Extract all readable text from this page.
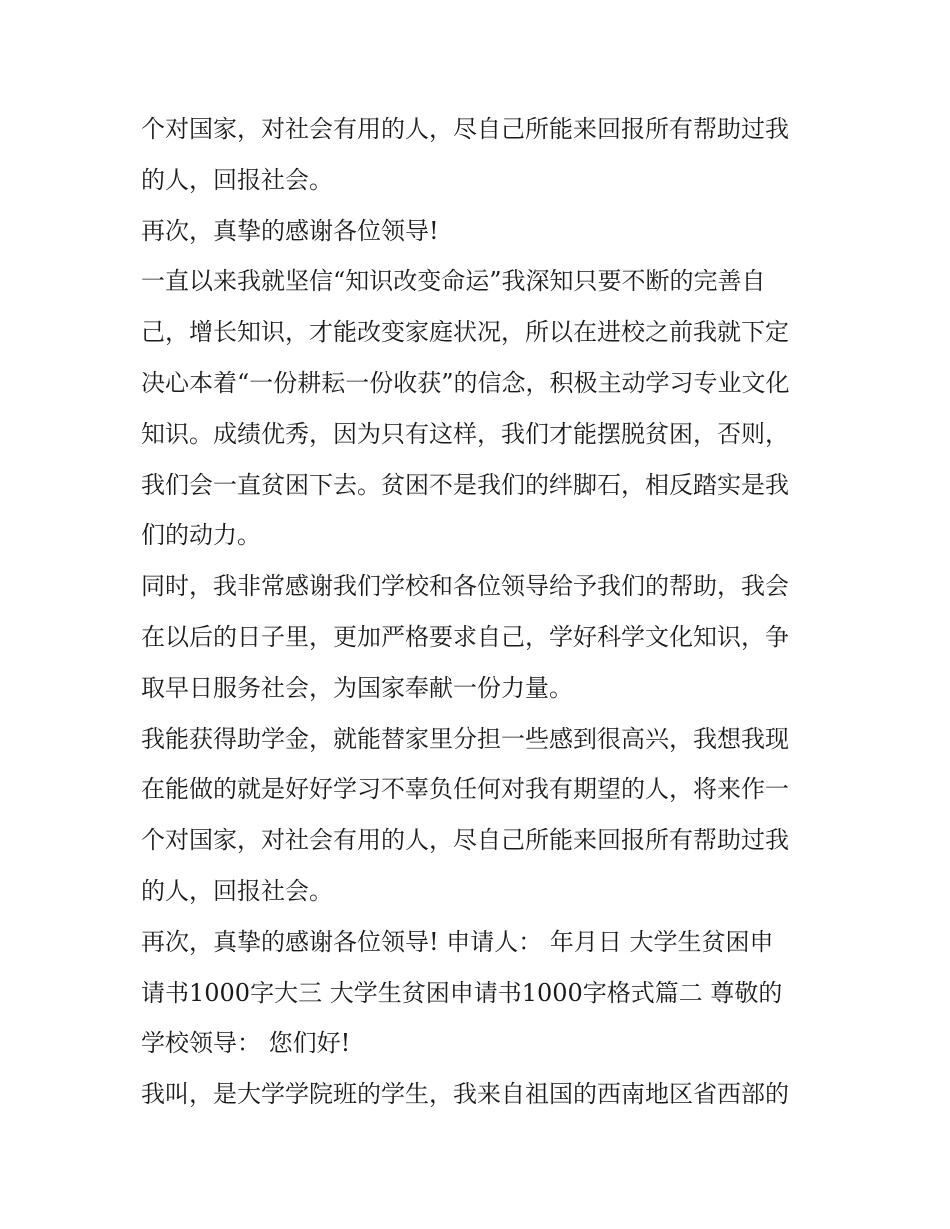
个对国家，对社会有用的人，尽自己所能来回报所有帮助过我
的人，回报社会。
再次，真挚的感谢各位领导!
一直以来我就坚信“知识改变命运”我深知只要不断的完善自
己，增长知识，才能改变家庭状况，所以在进校之前我就下定
决心本着“一份耕耘一份收获”的信念，积极主动学习专业文化
知识。成绩优秀，因为只有这样，我们才能摆脱贫困，否则，
我们会一直贫困下去。贫困不是我们的绊脚石，相反踏实是我
们的动力。
同时，我非常感谢我们学校和各位领导给予我们的帮助，我会
在以后的日子里，更加严格要求自己，学好科学文化知识，争
取早日服务社会，为国家奉献一份力量。
我能获得助学金，就能替家里分担一些感到很高兴，我想我现
在能做的就是好好学习不辜负任何对我有期望的人，将来作一
个对国家，对社会有用的人，尽自己所能来回报所有帮助过我
的人，回报社会。
再次，真挚的感谢各位领导! 申请人： 年月日 大学生贫困申
请书1000字大三 大学生贫困申请书1000字格式篇二 尊敬的
学校领导： 您们好!
我叫，是大学学院班的学生，我来自祖国的西南地区省西部的
